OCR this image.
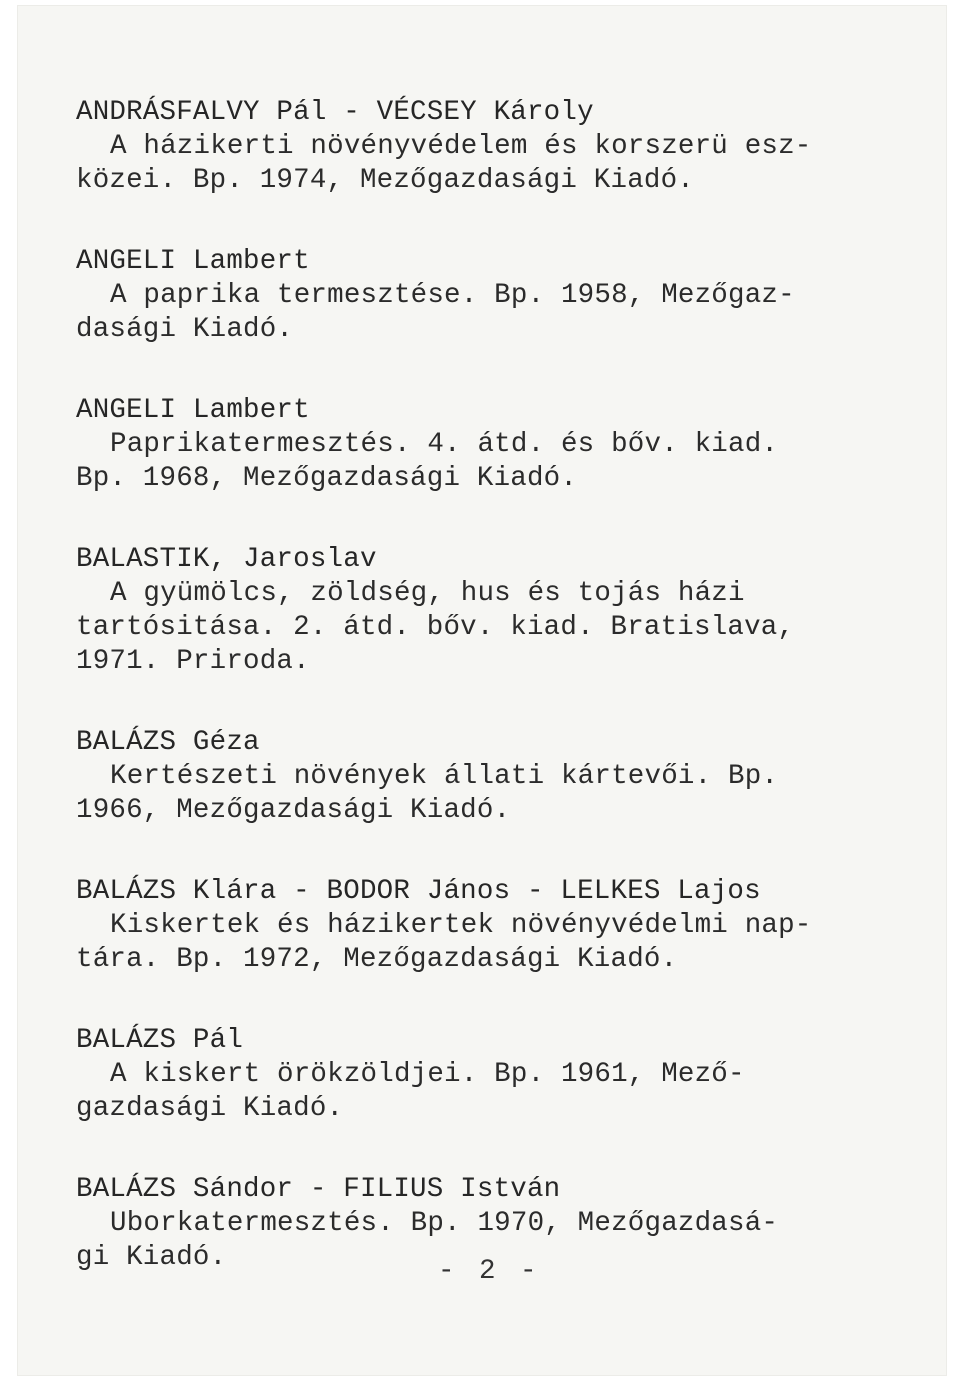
ANDRÁSFALVY Pál - VÉCSEY Károly
A házikerti növényvédelem és korszerü esz-
közei. Bp. 1974, Mezőgazdasági Kiadó.
ANGELI Lambert
A paprika termesztése. Bp. 1958, Mezőgaz-
dasági Kiadó.
ANGELI Lambert
Paprikatermesztés. 4. átd. és bőv. kiad.
Bp. 1968, Mezőgazdasági Kiadó.
BALASTIK, Jaroslav
A gyümölcs, zöldség, hus és tojás házi
tartósitása. 2. átd. bőv. kiad. Bratislava,
1971. Priroda.
BALÁZS Géza
Kertészeti növények állati kártevői. Bp.
1966, Mezőgazdasági Kiadó.
BALÁZS Klára - BODOR János - LELKES Lajos
Kiskertek és házikertek növényvédelmi nap-
tára. Bp. 1972, Mezőgazdasági Kiadó.
BALÁZS Pál
A kiskert örökzöldjei. Bp. 1961, Mező-
gazdasági Kiadó.
BALÁZS Sándor - FILIUS István
Uborkatermesztés. Bp. 1970, Mezőgazdasá-
gi Kiadó.	- 2 -
